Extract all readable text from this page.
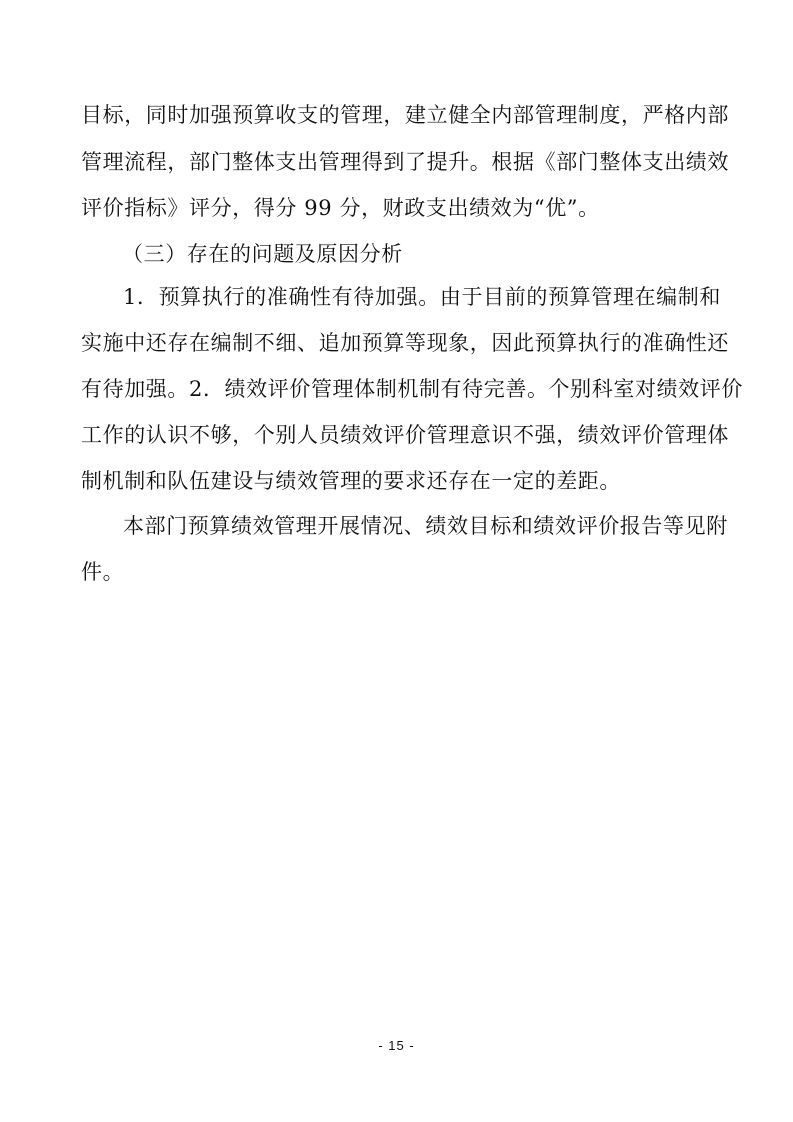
目标，同时加强预算收支的管理，建立健全内部管理制度，严格内部
管理流程，部门整体支出管理得到了提升。根据《部门整体支出绩效
评价指标》评分，得分 99 分，财政支出绩效为“优”。
（三）存在的问题及原因分析
1．预算执行的准确性有待加强。由于目前的预算管理在编制和
实施中还存在编制不细、追加预算等现象，因此预算执行的准确性还
有待加强。2．绩效评价管理体制机制有待完善。个别科室对绩效评价
工作的认识不够，个别人员绩效评价管理意识不强，绩效评价管理体
制机制和队伍建设与绩效管理的要求还存在一定的差距。
本部门预算绩效管理开展情况、绩效目标和绩效评价报告等见附
件。
- 15 -
